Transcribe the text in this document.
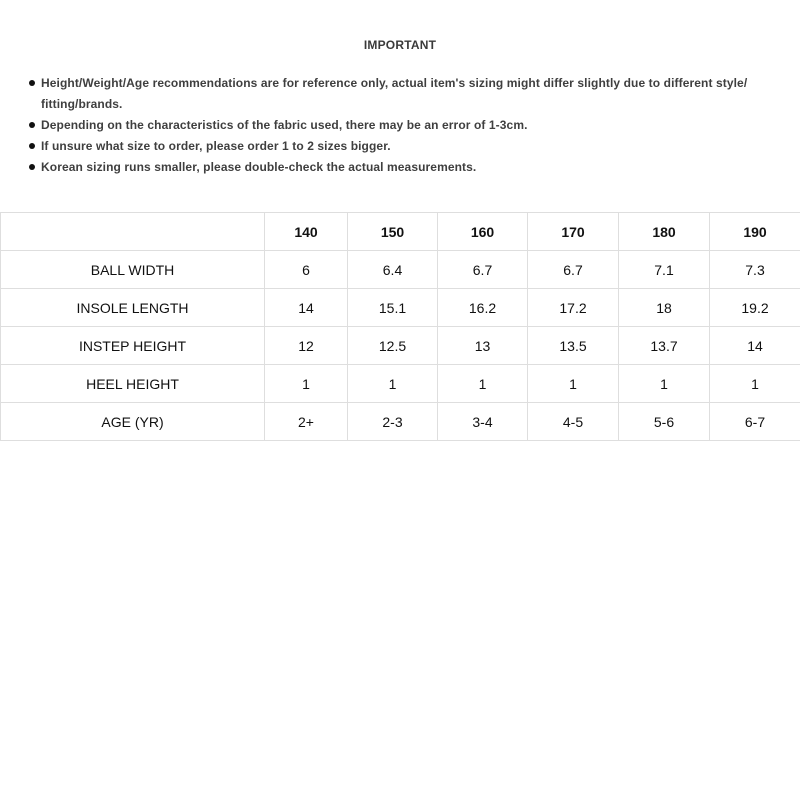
IMPORTANT
Height/Weight/Age recommendations are for reference only, actual item's sizing might differ slightly due to different style/ fitting/brands.
Depending on the characteristics of the fabric used, there may be an error of 1-3cm.
If unsure what size to order, please order 1 to 2 sizes bigger.
Korean sizing runs smaller, please double-check the actual measurements.
	140	150	160	170	180	190
BALL WIDTH	6	6.4	6.7	6.7	7.1	7.3
INSOLE LENGTH	14	15.1	16.2	17.2	18	19.2
INSTEP HEIGHT	12	12.5	13	13.5	13.7	14
HEEL HEIGHT	1	1	1	1	1	1
AGE (YR)	2+	2-3	3-4	4-5	5-6	6-7
